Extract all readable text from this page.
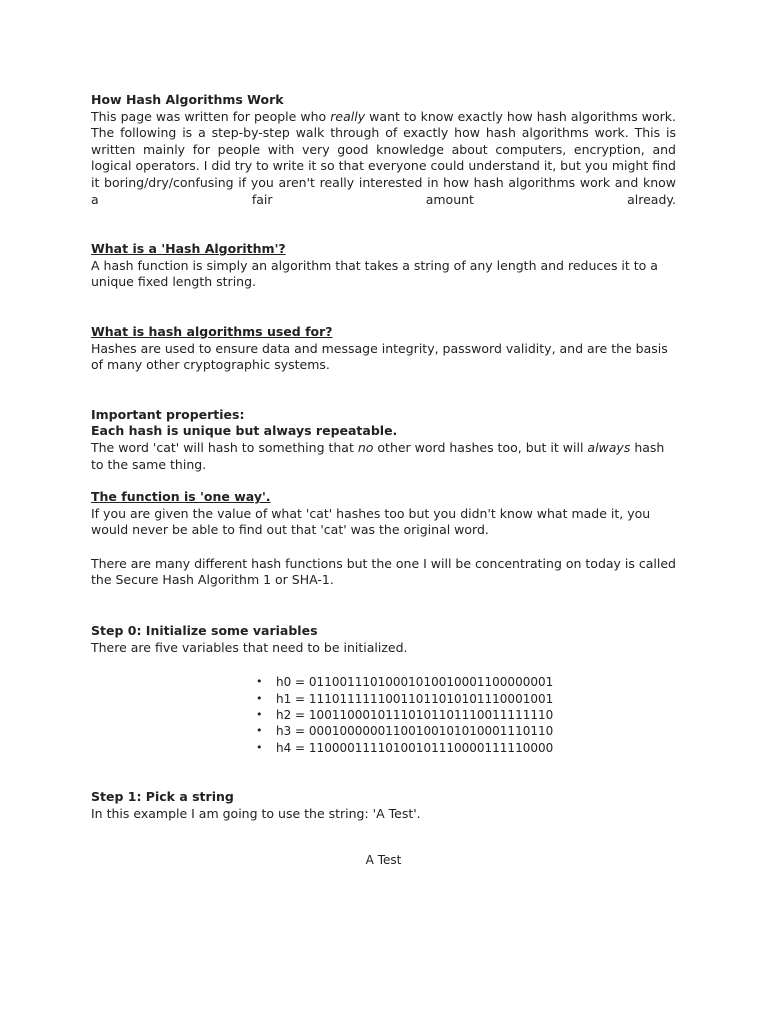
How Hash Algorithms Work

This page was written for people who really want to know exactly how hash algorithms work. The following is a step-by-step walk through of exactly how hash algorithms work. This is written mainly for people with very good knowledge about computers, encryption, and logical operators. I did try to write it so that everyone could understand it, but you might find it boring/dry/confusing if you aren't really interested in how hash algorithms work and know a fair amount already.

What is a 'Hash Algorithm'?

A hash function is simply an algorithm that takes a string of any length and reduces it to a unique fixed length string.

What is hash algorithms used for?

Hashes are used to ensure data and message integrity, password validity, and are the basis of many other cryptographic systems.

Important properties:

Each hash is unique but always repeatable.

The word 'cat' will hash to something that no other word hashes too, but it will always hash to the same thing.

The function is 'one way'.

If you are given the value of what 'cat' hashes too but you didn't know what made it, you would never be able to find out that 'cat' was the original word.

There are many different hash functions but the one I will be concentrating on today is called the Secure Hash Algorithm 1 or SHA-1.

Step 0: Initialize some variables

There are five variables that need to be initialized.

• h0 = 01100111010001010010001100000001
• h1 = 11101111110011011010101110001001
• h2 = 10011000101110101101110011111110
• h3 = 00010000001100100101010001110110
• h4 = 11000011110100101110000111110000

Step 1: Pick a string

In this example I am going to use the string: 'A Test'.

A Test
